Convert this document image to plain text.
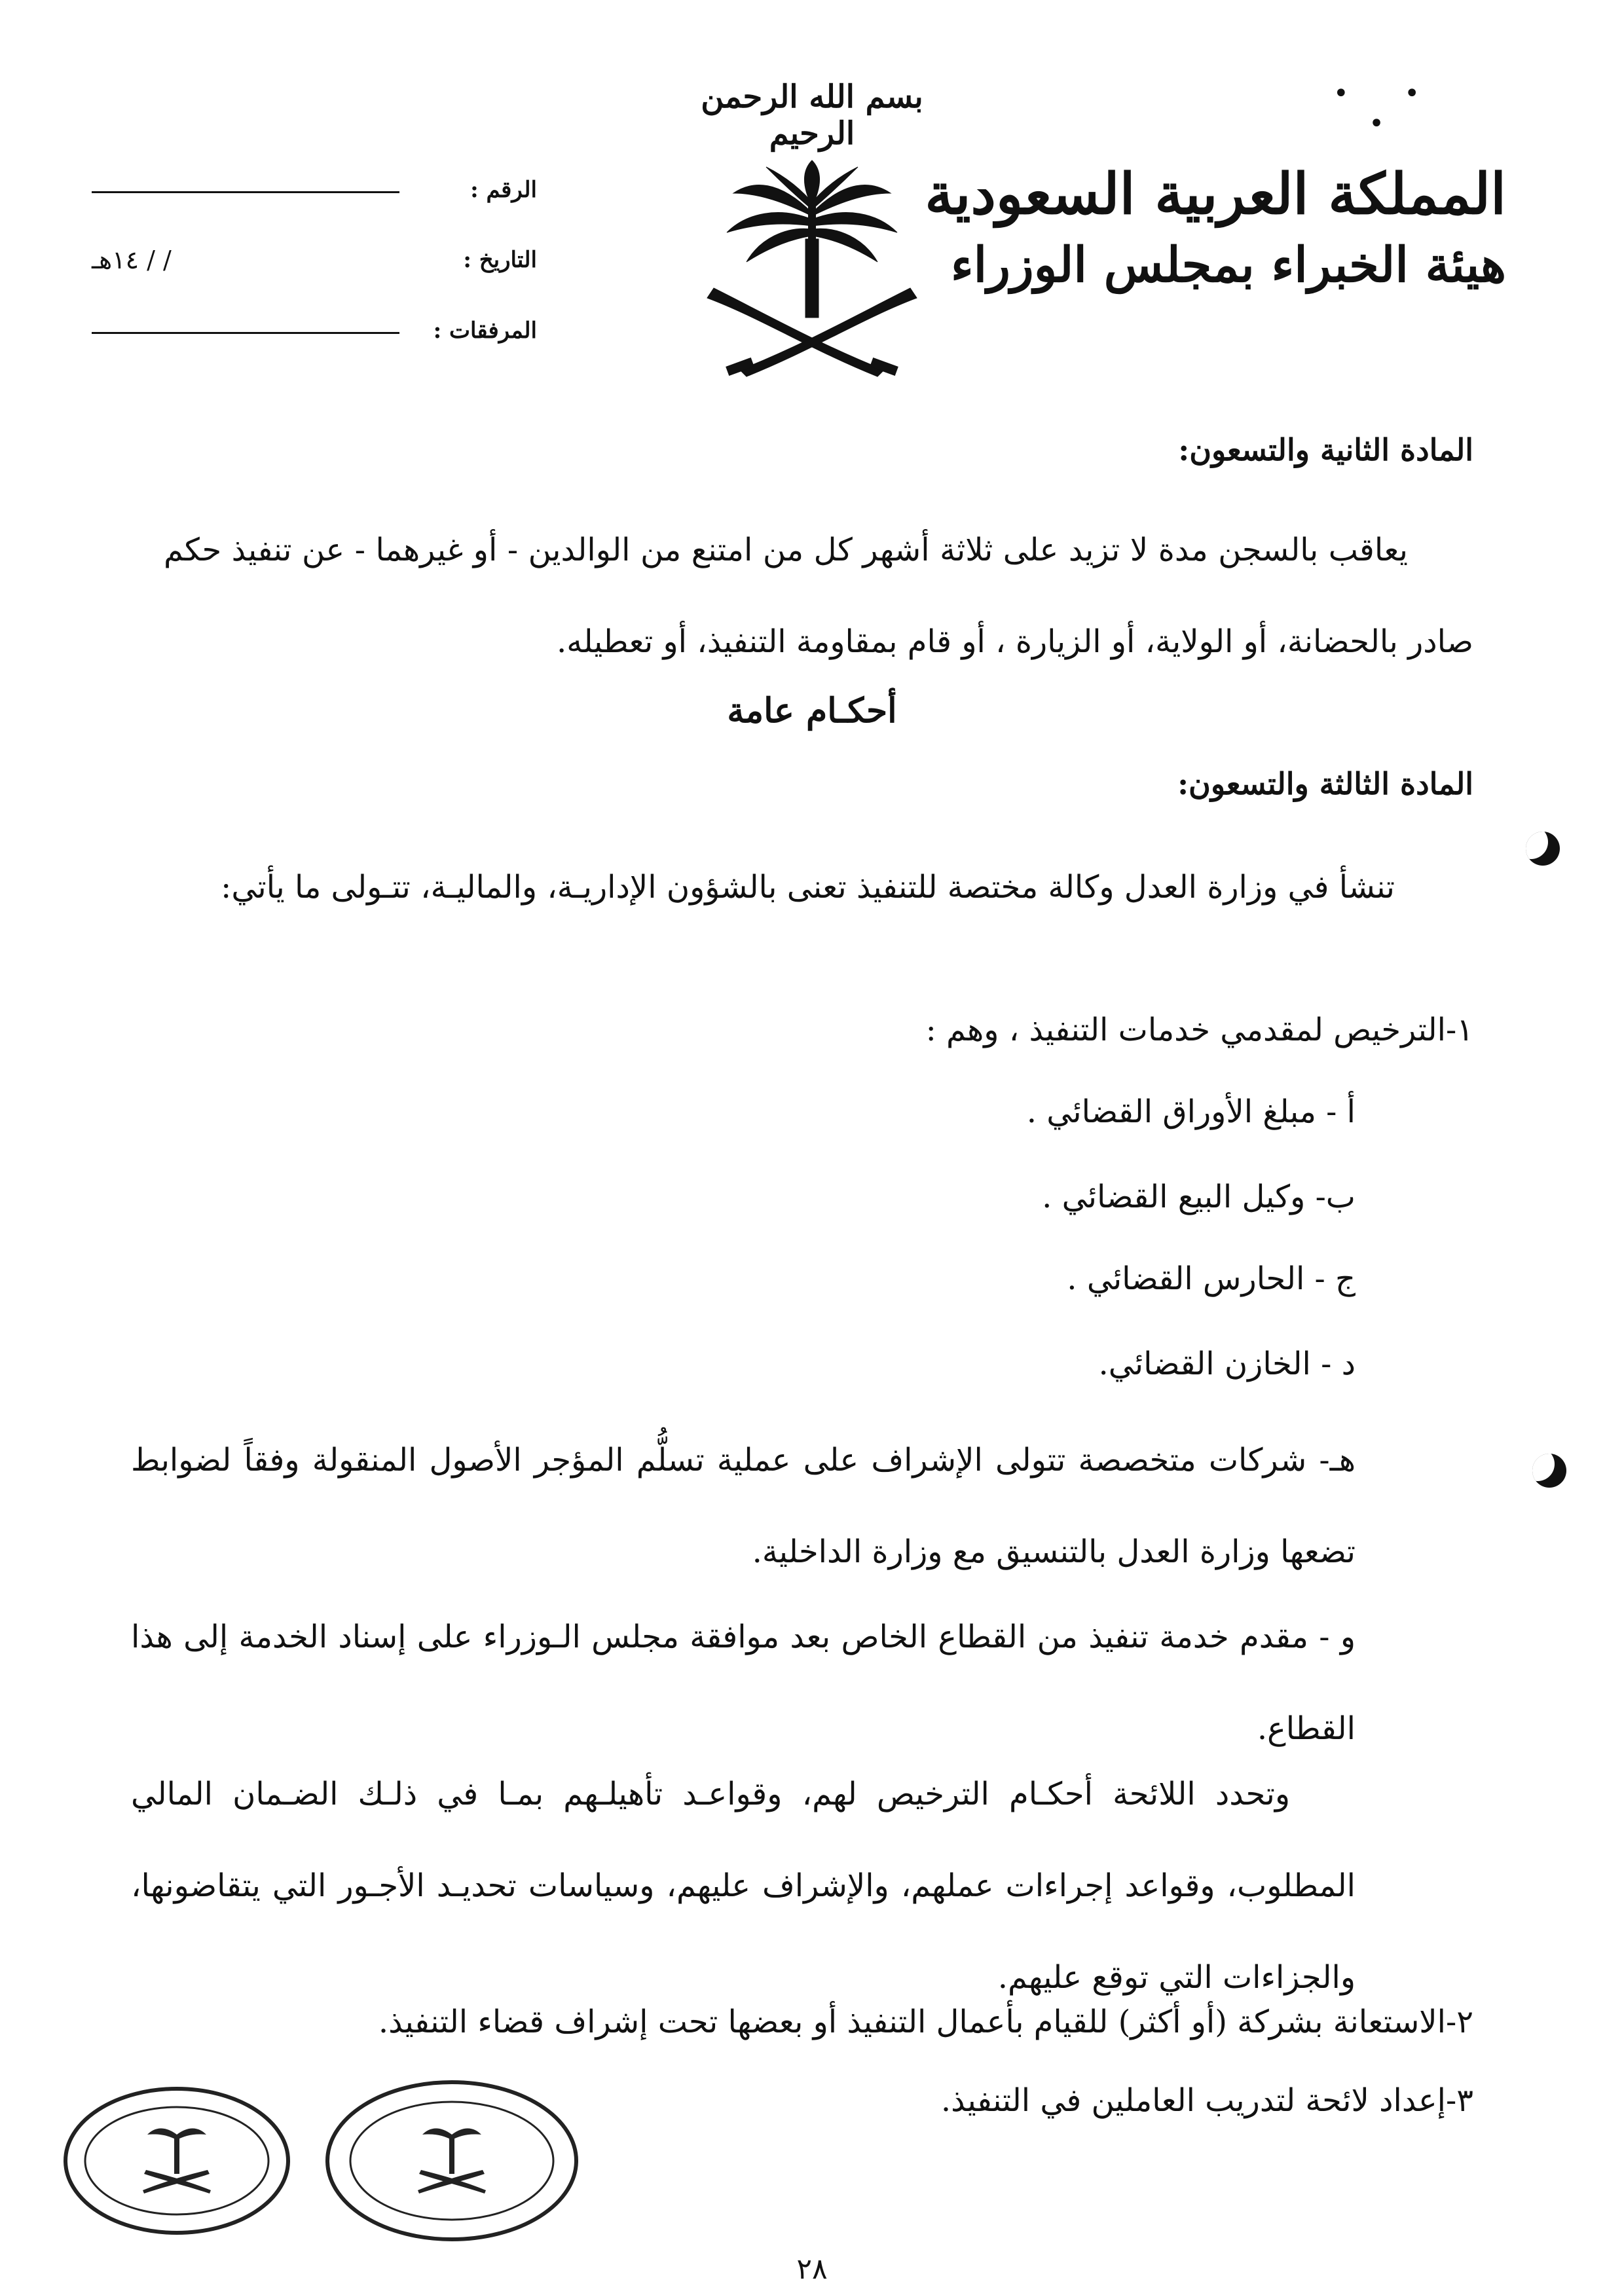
• • •
بسم الله الرحمن الرحيم
المملكة العربية السعودية
هيئة الخبراء بمجلس الوزراء
الرقم :
التاريخ :
/ / ١٤هـ
المرفقات :
المادة الثانية والتسعون:
يعاقب بالسجن مدة لا تزيد على ثلاثة أشهر كل من امتنع من الوالدين - أو غيرهما - عن تنفيذ حكم صادر بالحضانة، أو الولاية، أو الزيارة ، أو قام بمقاومة التنفيذ، أو تعطيله.
أحكـام عامة
المادة الثالثة والتسعون:
تنشأ في وزارة العدل وكالة مختصة للتنفيذ تعنى بالشؤون الإداريـة، والماليـة، تتـولى ما يأتي:
١-الترخيص لمقدمي خدمات التنفيذ ، وهم :
أ - مبلغ الأوراق القضائي .
ب- وكيل البيع القضائي .
ج - الحارس القضائي .
د - الخازن القضائي.
هـ- شركات متخصصة تتولى الإشراف على عملية تسلُّم المؤجر الأصول المنقولة وفقاً لضوابط تضعها وزارة العدل بالتنسيق مع وزارة الداخلية.
و - مقدم خدمة تنفيذ من القطاع الخاص بعد موافقة مجلس الـوزراء على إسناد الخدمة إلى هذا القطاع.
وتحدد اللائحة أحكـام الترخيص لهم، وقواعـد تأهيلـهم بمـا في ذلـك الضـمان المالي المطلوب، وقواعد إجراءات عملهم، والإشراف عليهم، وسياسات تحديـد الأجـور التي يتقاضونها، والجزاءات التي توقع عليهم.
٢-الاستعانة بشركة (أو أكثر) للقيام بأعمال التنفيذ أو بعضها تحت إشراف قضاء التنفيذ.
٣-إعداد لائحة لتدريب العاملين في التنفيذ.
٢٨
